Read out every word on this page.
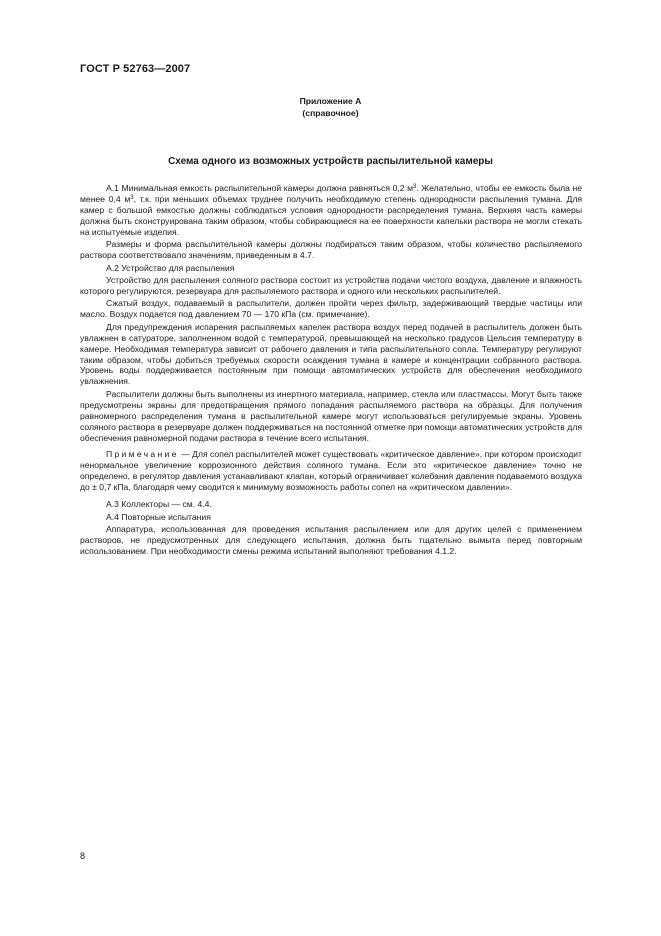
ГОСТ Р 52763—2007
Приложение А
(справочное)
Схема одного из возможных устройств распылительной камеры

А.1 Минимальная емкость распылительной камеры должна равняться 0,2 $м^3$. Желательно, чтобы ее емкость была не менее 0,4 $м^3$, т.к. при меньших объемах труднее получить необходимую степень однородности распыления тумана. Для камер с большой емкостью должны соблюдаться условия однородности распределения тумана. Верхняя часть камеры должна быть сконструирована таким образом, чтобы собирающиеся на ее поверхности капельки раствора не могли стекать на испытуемые изделия.

Размеры и форма распылительной камеры должны подбираться таким образом, чтобы количество распыляемого раствора соответствовало значениям, приведенным в 4.7.

А.2 Устройство для распыления

Устройство для распыления соляного раствора состоит из устройства подачи чистого воздуха, давление и влажность которого регулируются, резервуара для распыляемого раствора и одного или нескольких распылителей.

Сжатый воздух, подаваемый в распылители, должен пройти через фильтр, задерживающий твердые частицы или масло. Воздух подается под давлением 70 — 170 кПа (см. примечание).

Для предупреждения испарения распыляемых капелек раствора воздух перед подачей в распылитель должен быть увлажнен в сатураторе, заполненном водой с температурой, превышающей на несколько градусов Цельсия температуру в камере. Необходимая температура зависит от рабочего давления и типа распылительного сопла. Температуру регулируют таким образом, чтобы добиться требуемых скорости осаждения тумана в камере и концентрации собранного раствора. Уровень воды поддерживается постоянным при помощи автоматических устройств для обеспечения необходимого увлажнения.

Распылители должны быть выполнены из инертного материала, например, стекла или пластмассы. Могут быть также предусмотрены экраны для предотвращения прямого попадания распыляемого раствора на образцы. Для получения равномерного распределения тумана в распылительной камере могут использоваться регулируемые экраны. Уровень соляного раствора в резервуаре должен поддерживаться на постоянной отметке при помощи автоматических устройств для обеспечения равномерной подачи раствора в течение всего испытания.

Примечание — Для сопел распылителей может существовать «критическое давление», при котором происходит ненормальное увеличение коррозионного действия соляного тумана. Если это «критическое давление» точно не определено, в регулятор давления устанавливают клапан, который ограничивает колебания давления подаваемого воздуха до ± 0,7 кПа, благодаря чему сводится к минимуму возможность работы сопел на «критическом давлении».

А.3 Коллекторы — см. 4.4.

А.4 Повторные испытания

Аппаратура, использованная для проведения испытания распылением или для других целей с применением растворов, не предусмотренных для следующего испытания, должна быть тщательно вымыта перед повторным использованием. При необходимости смены режима испытаний выполняют требования 4.1.2.

8
